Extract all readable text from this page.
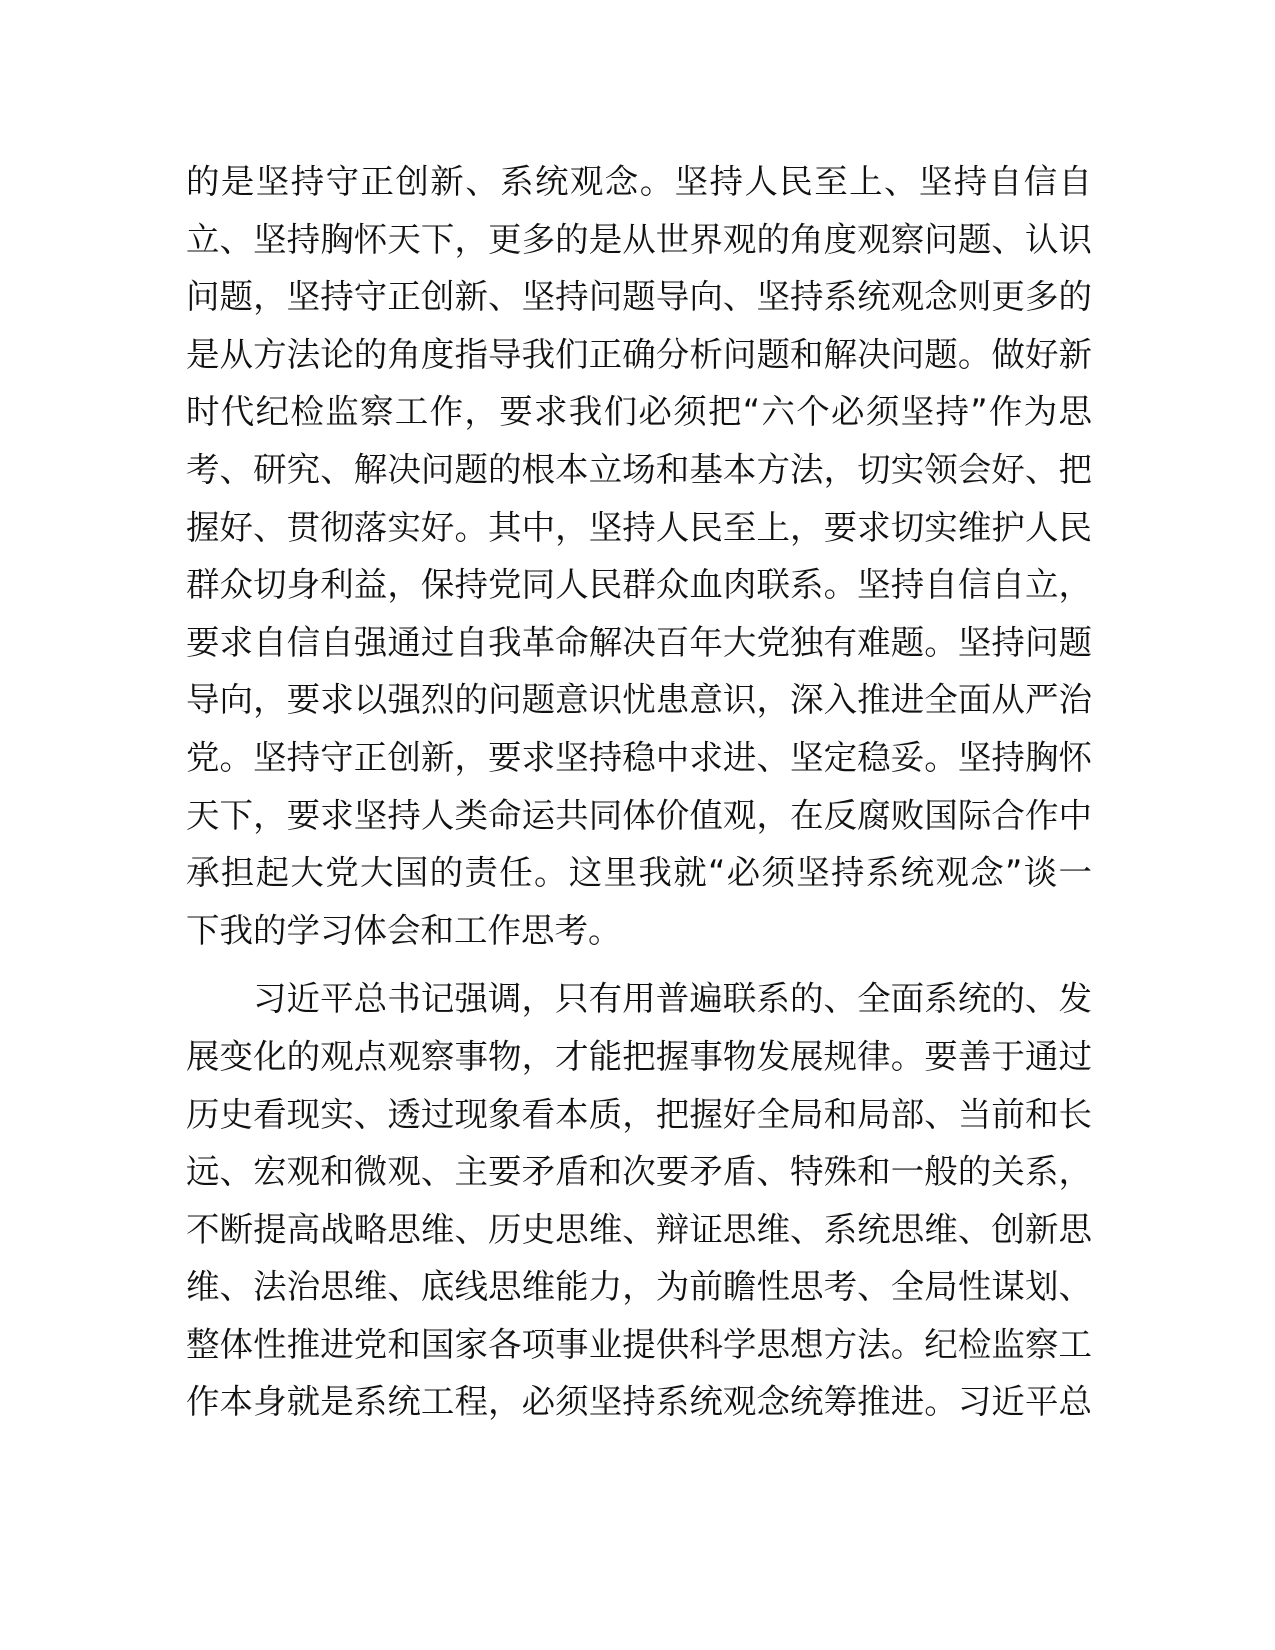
的是坚持守正创新、系统观念。坚持人民至上、坚持自信自
立、坚持胸怀天下，更多的是从世界观的角度观察问题、认识
问题，坚持守正创新、坚持问题导向、坚持系统观念则更多的
是从方法论的角度指导我们正确分析问题和解决问题。做好新
时代纪检监察工作，要求我们必须把“六个必须坚持”作为思
考、研究、解决问题的根本立场和基本方法，切实领会好、把
握好、贯彻落实好。其中，坚持人民至上，要求切实维护人民
群众切身利益，保持党同人民群众血肉联系。坚持自信自立，
要求自信自强通过自我革命解决百年大党独有难题。坚持问题
导向，要求以强烈的问题意识忧患意识，深入推进全面从严治
党。坚持守正创新，要求坚持稳中求进、坚定稳妥。坚持胸怀
天下，要求坚持人类命运共同体价值观，在反腐败国际合作中
承担起大党大国的责任。这里我就“必须坚持系统观念”谈一
下我的学习体会和工作思考。
习近平总书记强调，只有用普遍联系的、全面系统的、发
展变化的观点观察事物，才能把握事物发展规律。要善于通过
历史看现实、透过现象看本质，把握好全局和局部、当前和长
远、宏观和微观、主要矛盾和次要矛盾、特殊和一般的关系，
不断提高战略思维、历史思维、辩证思维、系统思维、创新思
维、法治思维、底线思维能力，为前瞻性思考、全局性谋划、
整体性推进党和国家各项事业提供科学思想方法。纪检监察工
作本身就是系统工程，必须坚持系统观念统筹推进。习近平总
